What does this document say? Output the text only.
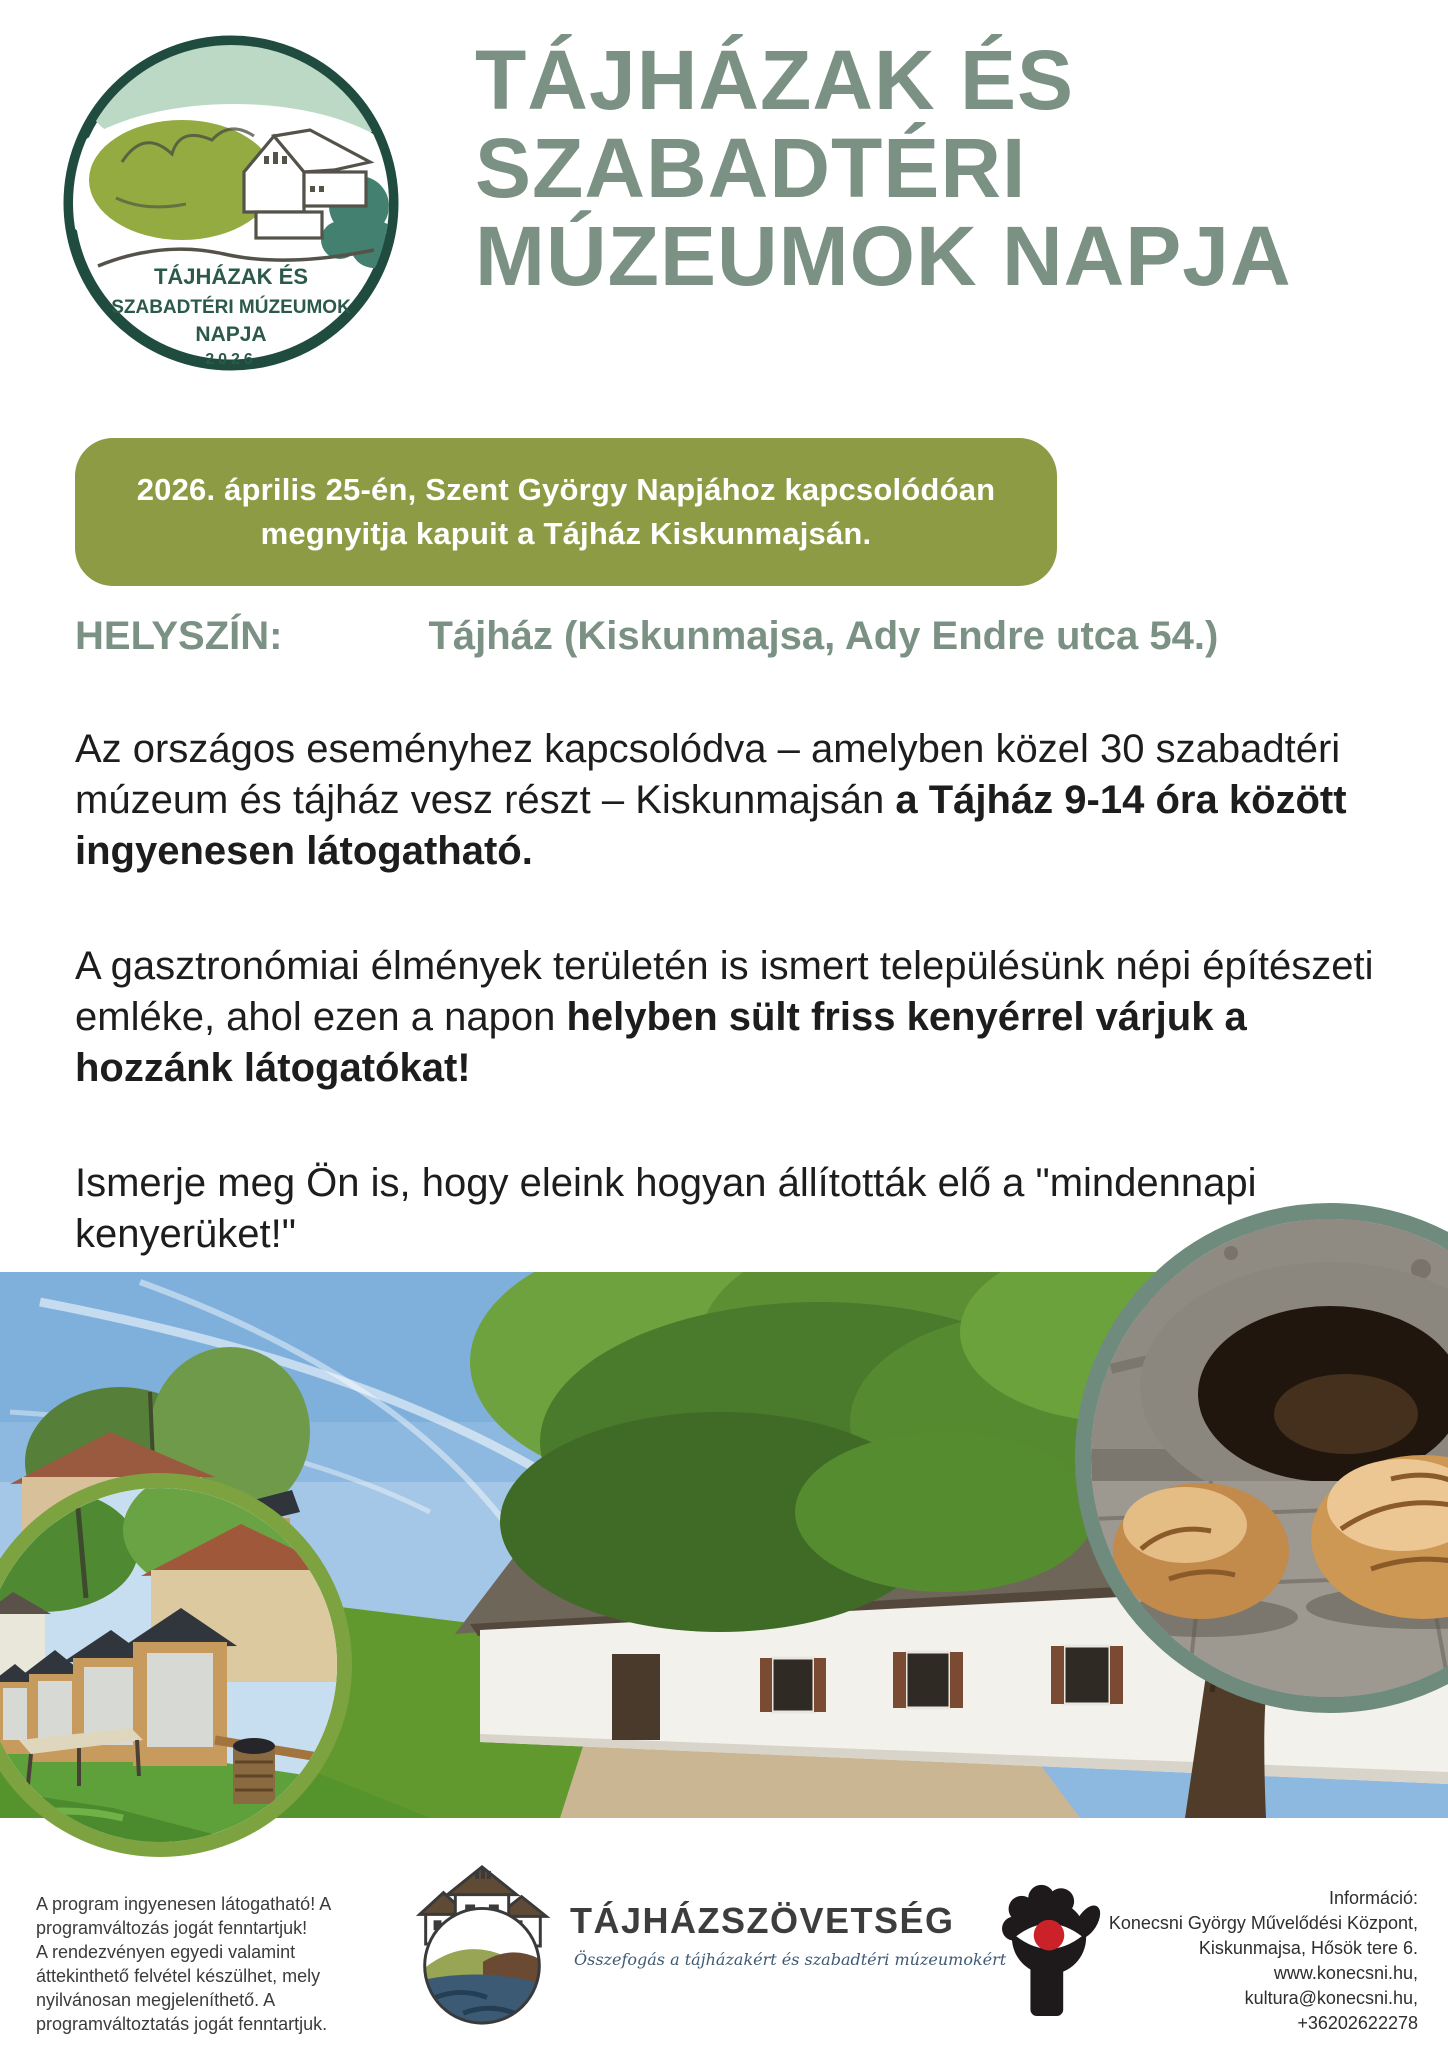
TÁJHÁZAK ÉS
SZABADTÉRI MÚZEUMOK
NAPJA
2026
TÁJHÁZAK ÉS
SZABADTÉRI
MÚZEUMOK NAPJA
2026. április 25-én, Szent György Napjához kapcsolódóan
megnyitja kapuit a Tájház Kiskunmajsán.
HELYSZÍN:	Tájház (Kiskunmajsa, Ady Endre utca 54.)

Az országos eseményhez kapcsolódva – amelyben közel 30 szabadtéri múzeum és tájház vesz részt – Kiskunmajsán a Tájház 9-14 óra között ingyenesen látogatható.

A gasztronómiai élmények területén is ismert településünk népi építészeti emléke, ahol ezen a napon helyben sült friss kenyérrel várjuk a hozzánk látogatókat!

Ismerje meg Ön is, hogy eleink hogyan állították elő a "mindennapi kenyerüket!"

A program ingyenesen látogatható! A programváltozás jogát fenntartjuk!
A rendezvényen egyedi valamint áttekinthető felvétel készülhet, mely nyilvánosan megjeleníthető. A programváltoztatás jogát fenntartjuk.
TÁJHÁZSZÖVETSÉG
Összefogás a tájházakért és szabadtéri múzeumokért
Információ:
Konecsni György Művelődési Központ,
Kiskunmajsa, Hősök tere 6.
www.konecsni.hu, kultura@konecsni.hu,
+36202622278
